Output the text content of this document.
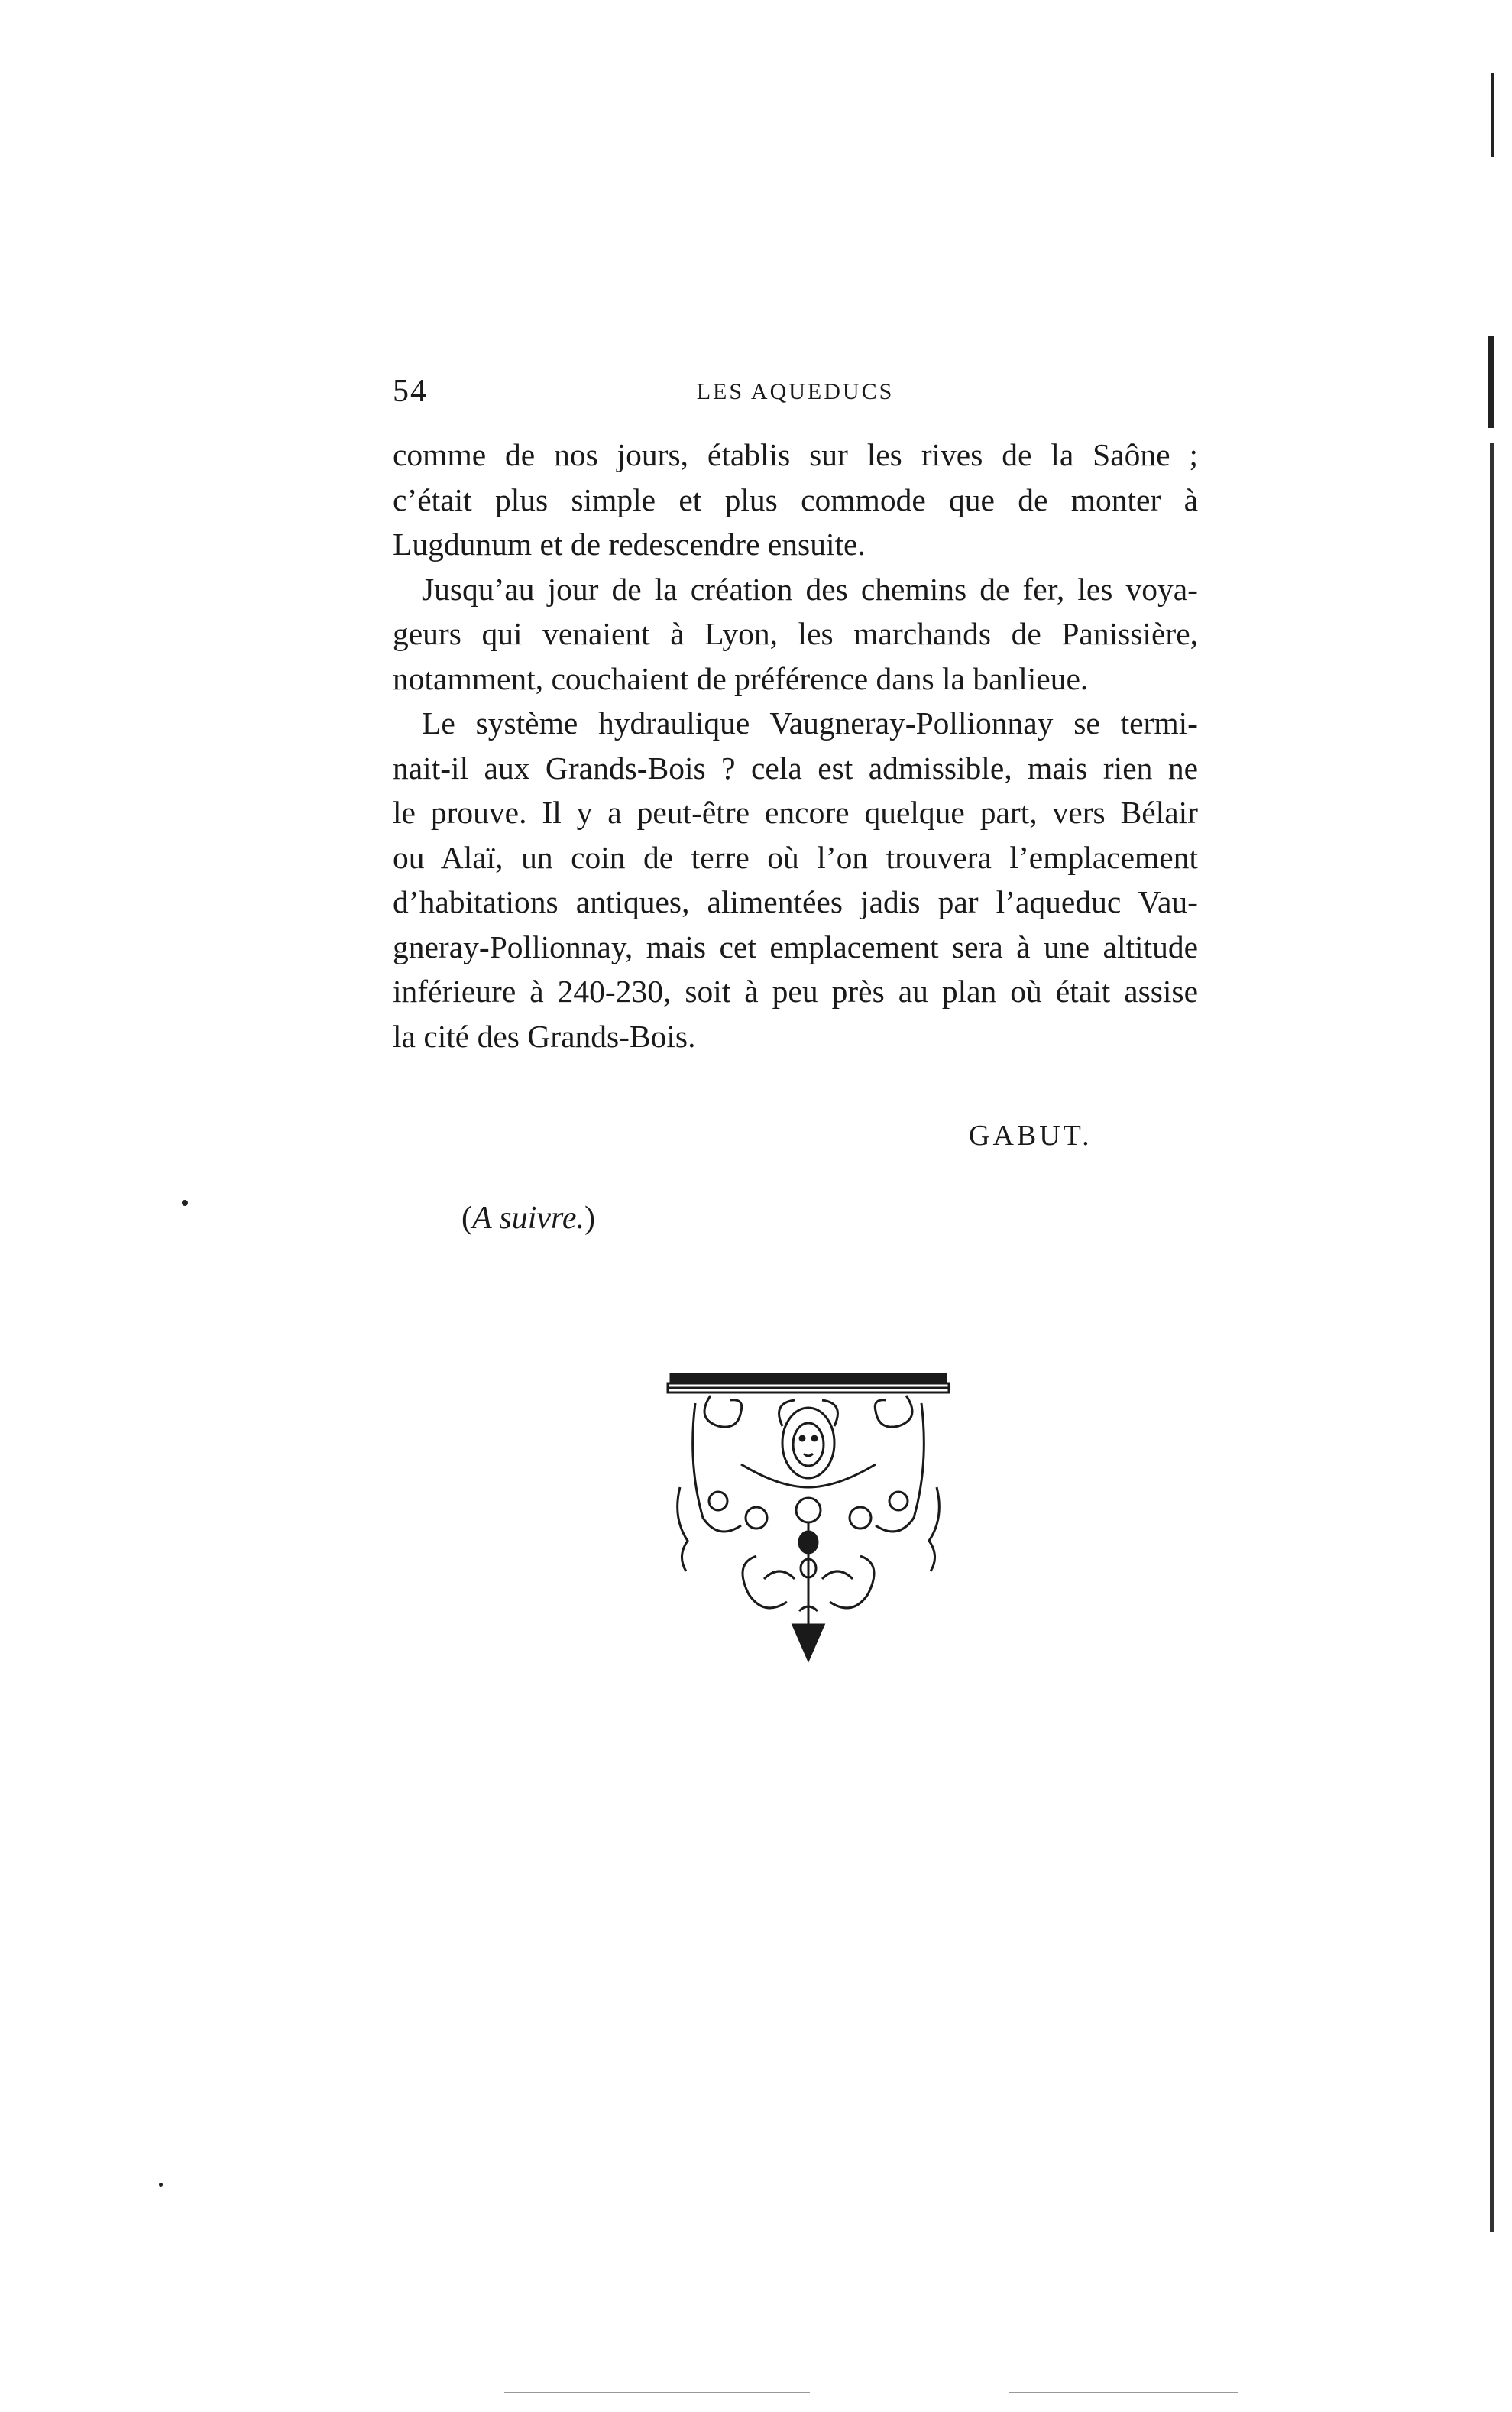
54	LES AQUEDUCS

comme de nos jours, établis sur les rives de la Saône ;
c’était plus simple et plus commode que de monter à
Lugdunum et de redescendre ensuite.

Jusqu’au jour de la création des chemins de fer, les voya-
geurs qui venaient à Lyon, les marchands de Panissière,
notamment, couchaient de préférence dans la banlieue.

Le système hydraulique Vaugneray-Pollionnay se termi-
nait-il aux Grands-Bois ? cela est admissible, mais rien ne
le prouve. Il y a peut-être encore quelque part, vers Bélair
ou Alaï, un coin de terre où l’on trouvera l’emplacement
d’habitations antiques, alimentées jadis par l’aqueduc Vau-
gneray-Pollionnay, mais cet emplacement sera à une altitude
inférieure à 240-230, soit à peu près au plan où était assise
la cité des Grands-Bois.

GABUT.
(A suivre.)
